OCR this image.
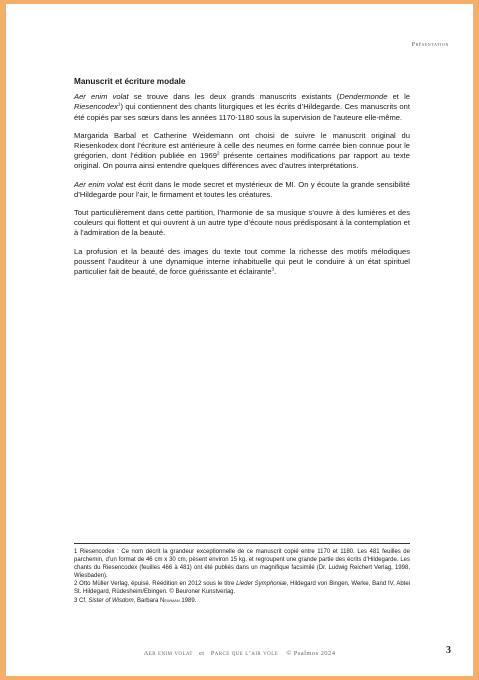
Présentation

Manuscrit et écriture modale

Aer enim volat se trouve dans les deux grands manuscrits existants (Dendermonde et le Riesencodex$^1$) qui contiennent des chants liturgiques et les écrits d’Hildegarde. Ces manuscrits ont été copiés par ses sœurs dans les années 1170-1180 sous la supervision de l’auteure elle-même.

Margarida Barbal et Catherine Weidemann ont choisi de suivre le manuscrit original du Riesenkodex dont l’écriture est antérieure à celle des neumes en forme carrée bien connue pour le grégorien, dont l’édition publiée en 1969$^2$ présente certaines modifications par rapport au texte original. On pourra ainsi entendre quelques différences avec d’autres interprétations.

Aer enim volat est écrit dans le mode secret et mystérieux de MI. On y écoute la grande sensibilité d’Hildegarde pour l’air, le firmament et toutes les créatures.

Tout particulièrement dans cette partition, l’harmonie de sa musique s’ouvre à des lumières et des couleurs qui flottent et qui ouvrent à un autre type d’écoute nous prédisposant à la contemplation et à l’admiration de la beauté.

La profusion et la beauté des images du texte tout comme la richesse des motifs mélodiques poussent l’auditeur à une dynamique interne inhabituelle qui peut le conduire à un état spirituel particulier fait de beauté, de force guérissante et éclairante$^3$.

1 Riesencodex : Ce nom décrit la grandeur exceptionnelle de ce manuscrit copié entre 1170 et 1180. Les 481 feuilles de parchemin, d’un format de 46 cm x 30 cm, pèsent environ 15 kg, et regroupent une grande partie des écrits d’Hildegarde. Les chants du Riesencodex (feuilles 466 à 481) ont été publiés dans un magnifique facsimilé (Dr. Ludwig Reichert Verlag, 1998, Wiesbaden).

2 Otto Müller Verlag, épuisé. Réédition en 2012 sous le titre Lieder Symphoniæ, Hildegard von Bingen, Werke, Band IV, Abtei St. Hildegard, Rüdesheim/Ebingen. © Beuroner Kunstverlag.

3 Cf. Sister of Wisdom, Barbara Newman 1989.

Aer enim volat et Parce que l’air vole © Psalmos 2024	3
